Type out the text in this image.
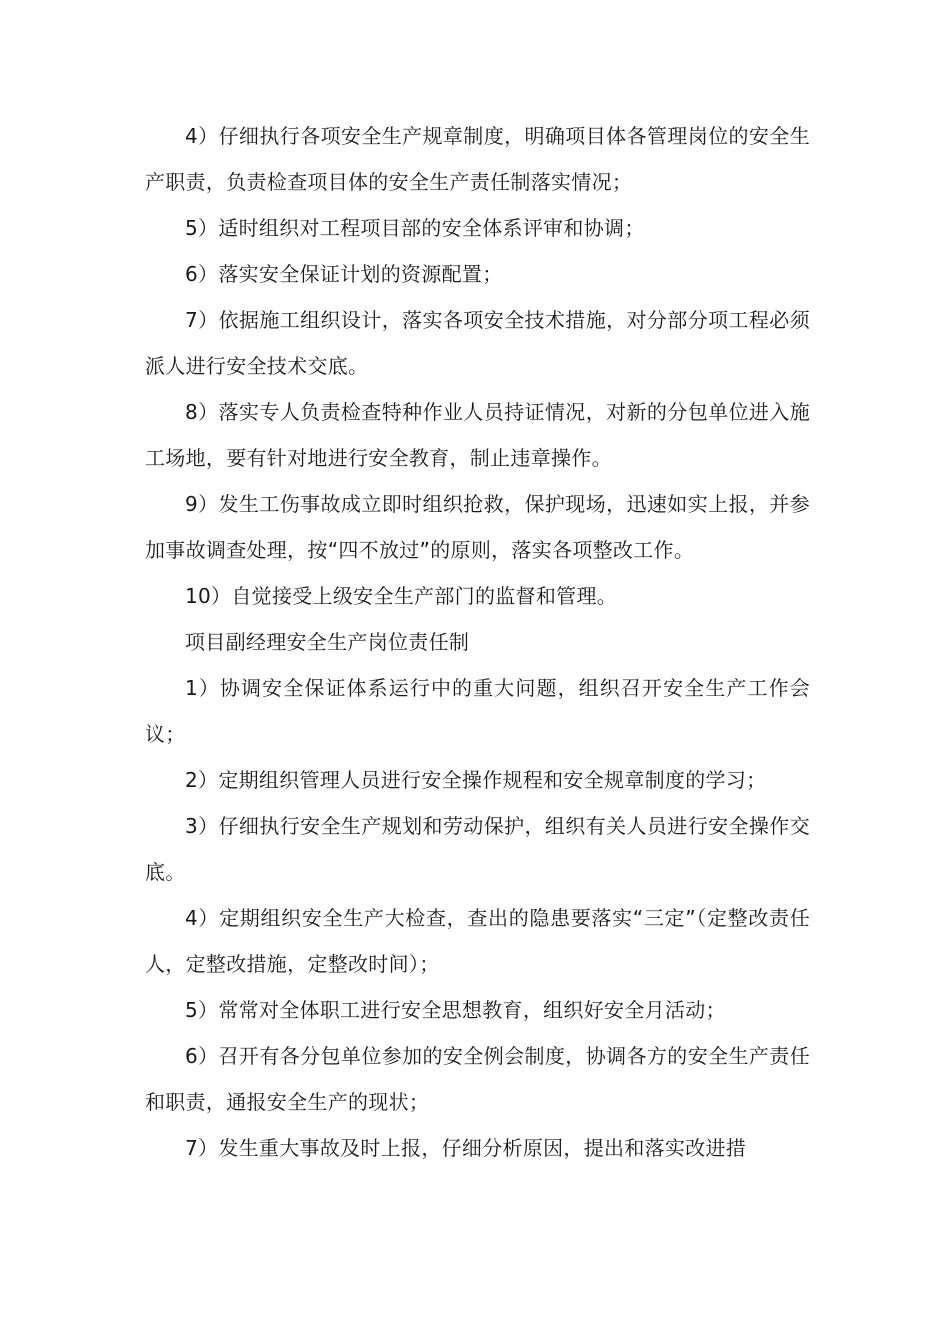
4）仔细执行各项安全生产规章制度，明确项目体各管理岗位的安全生产职责，负责检查项目体的安全生产责任制落实情况；

5）适时组织对工程项目部的安全体系评审和协调；

6）落实安全保证计划的资源配置；

7）依据施工组织设计，落实各项安全技术措施，对分部分项工程必须派人进行安全技术交底。

8）落实专人负责检查特种作业人员持证情况，对新的分包单位进入施工场地，要有针对地进行安全教育，制止违章操作。

9）发生工伤事故成立即时组织抢救，保护现场，迅速如实上报，并参加事故调查处理，按“四不放过”的原则，落实各项整改工作。

10）自觉接受上级安全生产部门的监督和管理。

项目副经理安全生产岗位责任制

1）协调安全保证体系运行中的重大问题，组织召开安全生产工作会议；

2）定期组织管理人员进行安全操作规程和安全规章制度的学习；

3）仔细执行安全生产规划和劳动保护，组织有关人员进行安全操作交底。

4）定期组织安全生产大检查，查出的隐患要落实“三定”（定整改责任人，定整改措施，定整改时间）；

5）常常对全体职工进行安全思想教育，组织好安全月活动；

6）召开有各分包单位参加的安全例会制度，协调各方的安全生产责任和职责，通报安全生产的现状；

7）发生重大事故及时上报，仔细分析原因，提出和落实改进措
